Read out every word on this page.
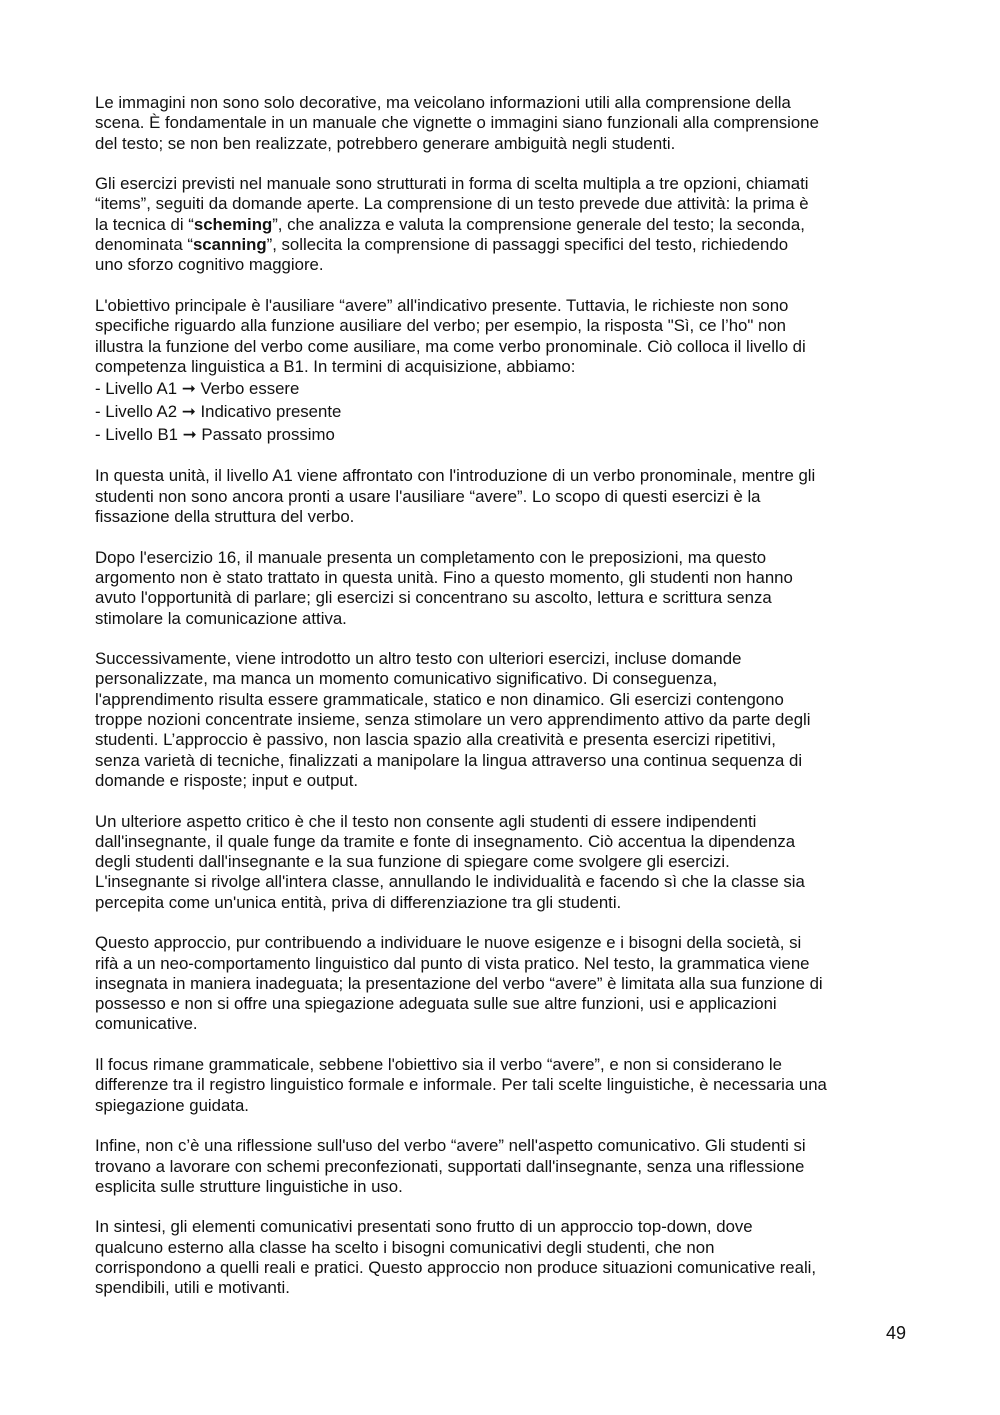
Le immagini non sono solo decorative, ma veicolano informazioni utili alla comprensione della
scena. È fondamentale in un manuale che vignette o immagini siano funzionali alla comprensione
del testo; se non ben realizzate, potrebbero generare ambiguità negli studenti.

Gli esercizi previsti nel manuale sono strutturati in forma di scelta multipla a tre opzioni, chiamati
“items”, seguiti da domande aperte. La comprensione di un testo prevede due attività: la prima è
la tecnica di “scheming”, che analizza e valuta la comprensione generale del testo; la seconda,
denominata “scanning”, sollecita la comprensione di passaggi specifici del testo, richiedendo
uno sforzo cognitivo maggiore.

L'obiettivo principale è l'ausiliare “avere” all'indicativo presente. Tuttavia, le richieste non sono
specifiche riguardo alla funzione ausiliare del verbo; per esempio, la risposta "Sì, ce l’ho" non
illustra la funzione del verbo come ausiliare, ma come verbo pronominale. Ciò colloca il livello di
competenza linguistica a B1. In termini di acquisizione, abbiamo:

- Livello A1 ➞ Verbo essere
- Livello A2 ➞ Indicativo presente
- Livello B1 ➞ Passato prossimo

In questa unità, il livello A1 viene affrontato con l'introduzione di un verbo pronominale, mentre gli
studenti non sono ancora pronti a usare l'ausiliare “avere”. Lo scopo di questi esercizi è la
fissazione della struttura del verbo.

Dopo l'esercizio 16, il manuale presenta un completamento con le preposizioni, ma questo
argomento non è stato trattato in questa unità. Fino a questo momento, gli studenti non hanno
avuto l'opportunità di parlare; gli esercizi si concentrano su ascolto, lettura e scrittura senza
stimolare la comunicazione attiva.

Successivamente, viene introdotto un altro testo con ulteriori esercizi, incluse domande
personalizzate, ma manca un momento comunicativo significativo. Di conseguenza,
l'apprendimento risulta essere grammaticale, statico e non dinamico. Gli esercizi contengono
troppe nozioni concentrate insieme, senza stimolare un vero apprendimento attivo da parte degli
studenti. L’approccio è passivo, non lascia spazio alla creatività e presenta esercizi ripetitivi,
senza varietà di tecniche, finalizzati a manipolare la lingua attraverso una continua sequenza di
domande e risposte; input e output.

Un ulteriore aspetto critico è che il testo non consente agli studenti di essere indipendenti
dall'insegnante, il quale funge da tramite e fonte di insegnamento. Ciò accentua la dipendenza
degli studenti dall'insegnante e la sua funzione di spiegare come svolgere gli esercizi.
L'insegnante si rivolge all'intera classe, annullando le individualità e facendo sì che la classe sia
percepita come un'unica entità, priva di differenziazione tra gli studenti.

Questo approccio, pur contribuendo a individuare le nuove esigenze e i bisogni della società, si
rifà a un neo-comportamento linguistico dal punto di vista pratico. Nel testo, la grammatica viene
insegnata in maniera inadeguata; la presentazione del verbo “avere” è limitata alla sua funzione di
possesso e non si offre una spiegazione adeguata sulle sue altre funzioni, usi e applicazioni
comunicative.

Il focus rimane grammaticale, sebbene l'obiettivo sia il verbo “avere”, e non si considerano le
differenze tra il registro linguistico formale e informale. Per tali scelte linguistiche, è necessaria una
spiegazione guidata.

Infine, non c’è una riflessione sull'uso del verbo “avere” nell'aspetto comunicativo. Gli studenti si
trovano a lavorare con schemi preconfezionati, supportati dall'insegnante, senza una riflessione
esplicita sulle strutture linguistiche in uso.

In sintesi, gli elementi comunicativi presentati sono frutto di un approccio top-down, dove
qualcuno esterno alla classe ha scelto i bisogni comunicativi degli studenti, che non
corrispondono a quelli reali e pratici. Questo approccio non produce situazioni comunicative reali,
spendibili, utili e motivanti.

49
